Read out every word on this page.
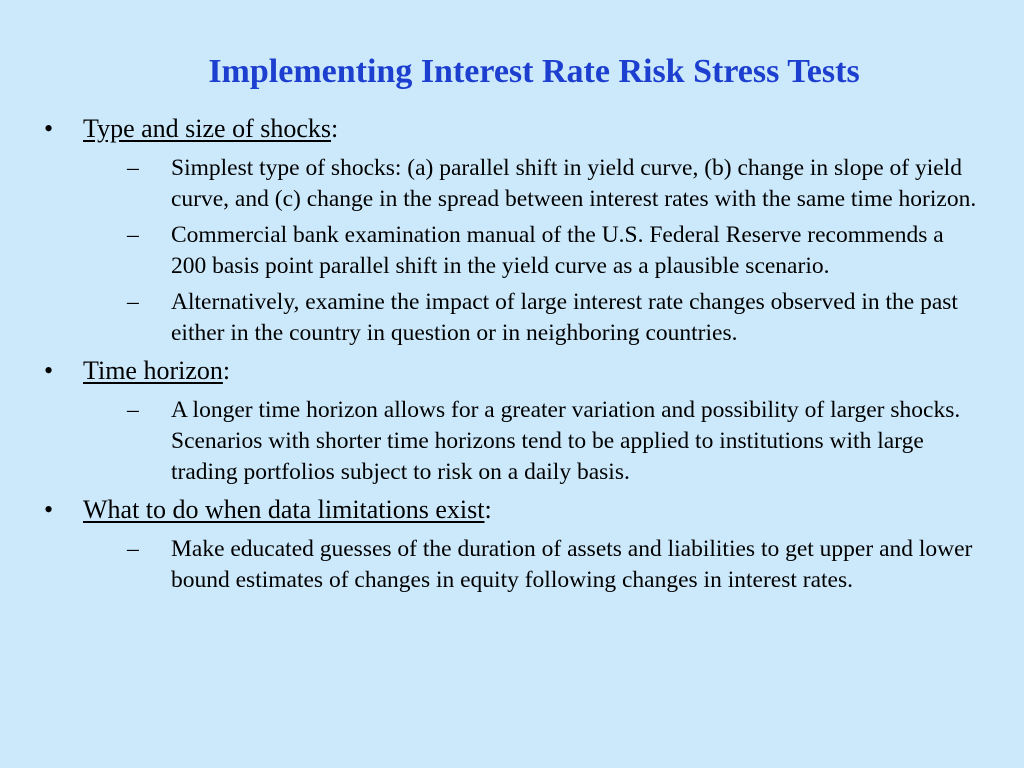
Implementing Interest Rate Risk Stress Tests
• Type and size of shocks:
– Simplest type of shocks: (a) parallel shift in yield curve, (b) change in slope of yield curve, and (c) change in the spread between interest rates with the same time horizon.
– Commercial bank examination manual of the U.S. Federal Reserve recommends a 200 basis point parallel shift in the yield curve as a plausible scenario.
– Alternatively, examine the impact of large interest rate changes observed in the past either in the country in question or in neighboring countries.
• Time horizon:
– A longer time horizon allows for a greater variation and possibility of larger shocks. Scenarios with shorter time horizons tend to be applied to institutions with large trading portfolios subject to risk on a daily basis.
• What to do when data limitations exist:
– Make educated guesses of the duration of assets and liabilities to get upper and lower bound estimates of changes in equity following changes in interest rates.
